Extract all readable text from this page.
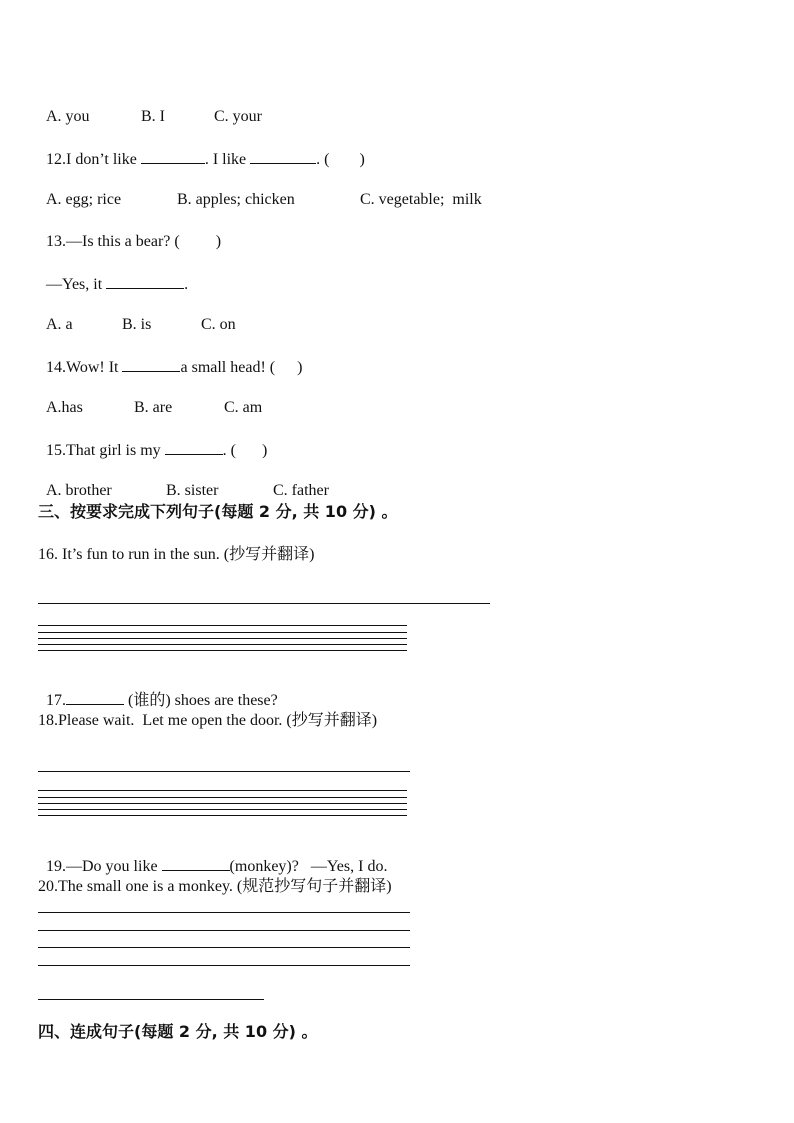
A. you	B. I	C. your

12.I don’t like	. I like	. ( )

A. egg; rice	B. apples; chicken	C. vegetable;  milk

13.—Is this a bear? ( )

—Yes, it	.

A. a	B. is	C. on

14.Wow! It	a small head! ( )

A.has	B. are	C. am

15.That girl is my	. ( )

A. brother	B. sister	C. father

三、按要求完成下列句子(每题 2 分, 共 10 分) 。
16. It’s fun to run in the sun. (抄写并翻译)

17.	(谁的) shoes are these?

18.Please wait.  Let me open the door. (抄写并翻译)

19.—Do you like	(monkey)?   —Yes, I do.

20.The small one is a monkey. (规范抄写句子并翻译)
四、连成句子(每题 2 分, 共 10 分) 。
